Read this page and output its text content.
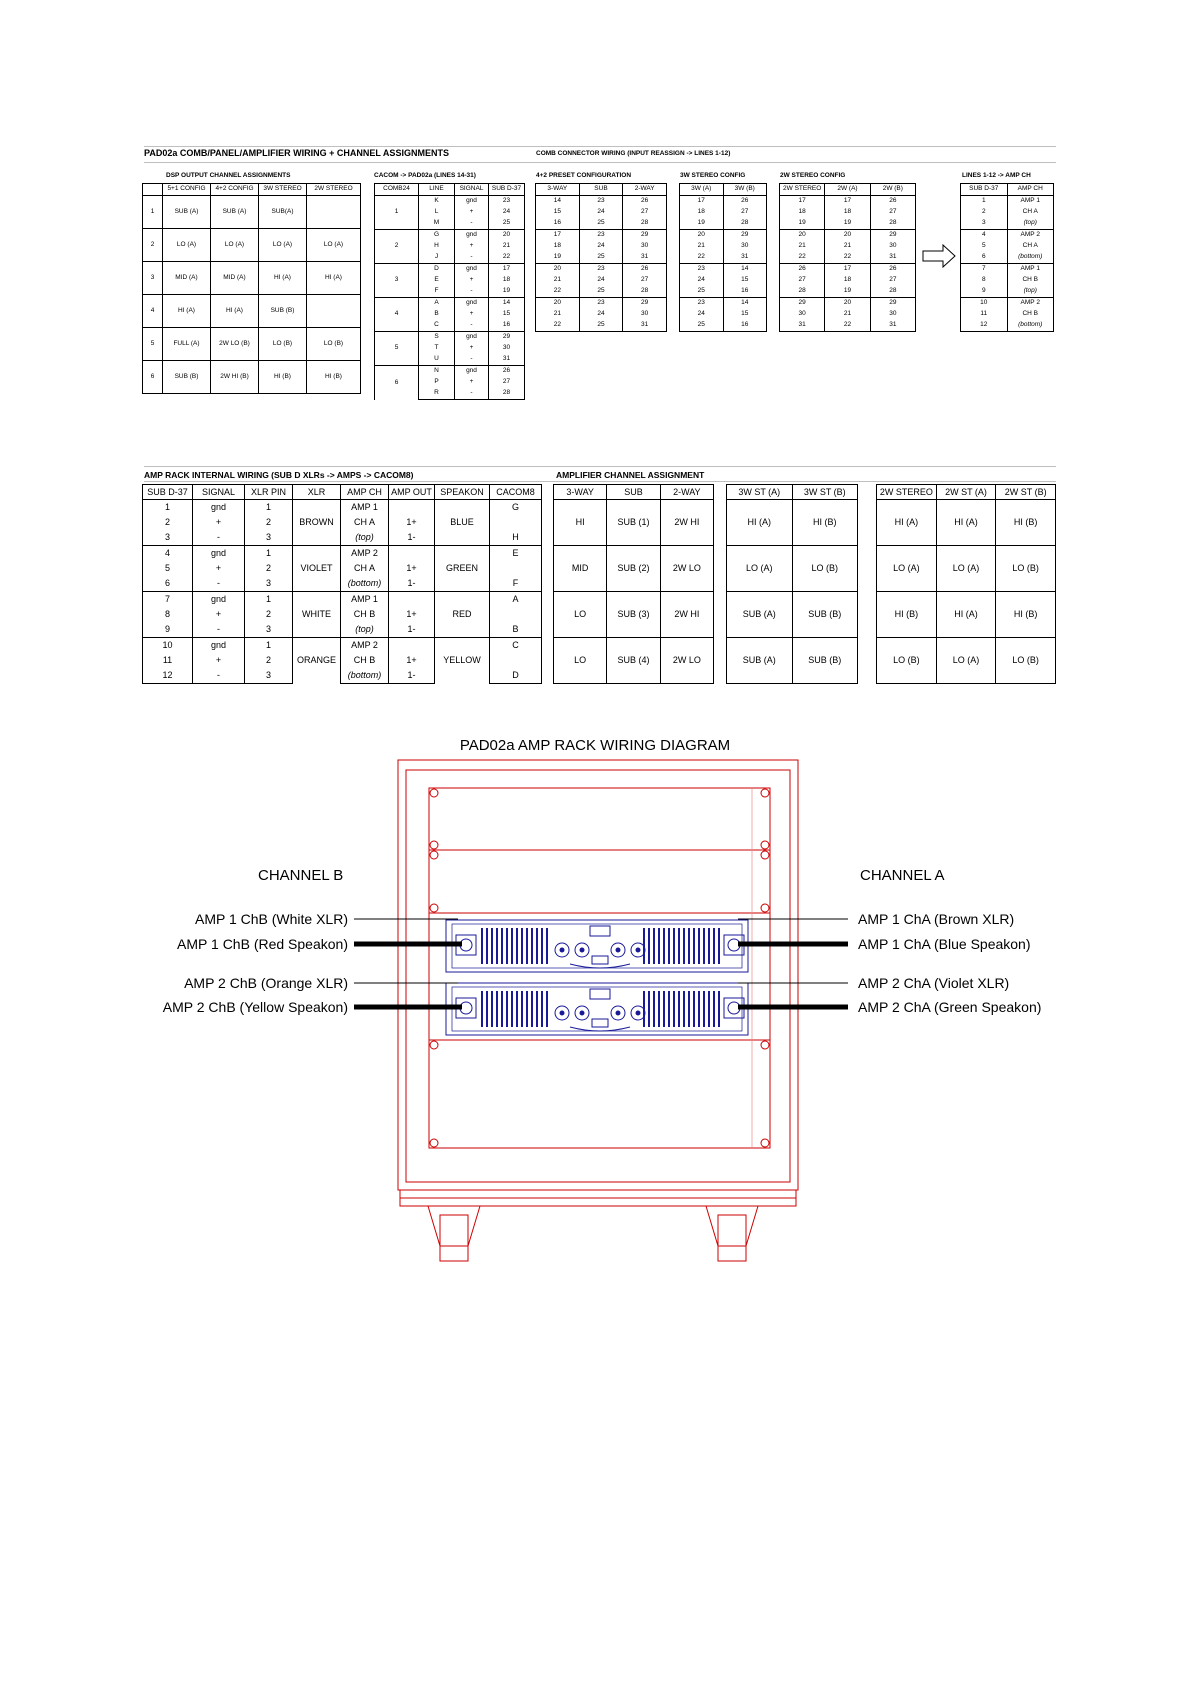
PAD02a COMB/PANEL/AMPLIFIER WIRING + CHANNEL ASSIGNMENTS	COMB CONNECTOR WIRING (INPUT REASSIGN -> LINES 1-12)
DSP OUTPUT CHANNEL ASSIGNMENTS	CACOM -> PAD02a (LINES 14-31)	4+2 PRESET CONFIGURATION	3W STEREO CONFIG	2W STEREO CONFIG	LINES 1-12 -> AMP CH
	5+1 CONFIG	4+2 CONFIG	3W STEREO	2W STEREO
1	SUB (A)	SUB (A)	SUB(A)	
2	LO (A)	LO (A)	LO (A)	LO (A)
3	MID (A)	MID (A)	HI (A)	HI (A)
4	HI (A)	HI (A)	SUB (B)	
5	FULL (A)	2W LO (B)	LO (B)	LO (B)
6	SUB (B)	2W HI (B)	HI (B)	HI (B)
COMB24	LINE	SIGNAL	SUB D-37
1	K	gnd	23
	L	+	24
	M	-	25
2	G	gnd	20
	H	+	21
	J	-	22
3	D	gnd	17
	E	+	18
	F	-	19
4	A	gnd	14
	B	+	15
	C	-	16
5	S	gnd	29
	T	+	30
	U	-	31
6	N	gnd	26
	P	+	27
	R	-	28
3-WAY	SUB	2-WAY
14	23	26
15	24	27
16	25	28
17	23	29
18	24	30
19	25	31
20	23	26
21	24	27
22	25	28
20	23	29
21	24	30
22	25	31
3W (A)	3W (B)
17	26
18	27
19	28
20	29
21	30
22	31
23	14
24	15
25	16
23	14
24	15
25	16
2W STEREO	2W (A)	2W (B)
17	17	26
18	18	27
19	19	28
20	20	29
21	21	30
22	22	31
26	17	26
27	18	27
28	19	28
29	20	29
30	21	30
31	22	31
SUB D-37	AMP CH
1	AMP 1
2	CH A
3	(top)
4	AMP 2
5	CH A
6	(bottom)
7	AMP 1
8	CH B
9	(top)
10	AMP 2
11	CH B
12	(bottom)
AMP RACK INTERNAL WIRING (SUB D XLRs -> AMPS -> CACOM8)	AMPLIFIER CHANNEL ASSIGNMENT
SUB D-37	SIGNAL	XLR PIN	XLR	AMP CH	AMP OUT	SPEAKON	CACOM8
1	gnd	1	BROWN	AMP 1		BLUE	G
2	+	2		CH A	1+		
3	-	3		(top)	1-		H
4	gnd	1	VIOLET	AMP 2		GREEN	E
5	+	2		CH A	1+		
6	-	3		(bottom)	1-		F
7	gnd	1	WHITE	AMP 1		RED	A
8	+	2		CH B	1+		
9	-	3		(top)	1-		B
10	gnd	1	ORANGE	AMP 2		YELLOW	C
11	+	2		CH B	1+		
12	-	3		(bottom)	1-		D
3-WAY	SUB	2-WAY
HI	SUB (1)	2W HI
MID	SUB (2)	2W LO
LO	SUB (3)	2W HI
LO	SUB (4)	2W LO
3W ST (A)	3W ST (B)
HI (A)	HI (B)
LO (A)	LO (B)
SUB (A)	SUB (B)
SUB (A)	SUB (B)
2W STEREO	2W ST (A)	2W ST (B)
HI (A)	HI (A)	HI (B)
LO (A)	LO (A)	LO (B)
HI (B)	HI (A)	HI (B)
LO (B)	LO (A)	LO (B)
PAD02a AMP RACK WIRING DIAGRAM
CHANNEL B	CHANNEL A
AMP 1 ChB (White XLR)
AMP 1 ChB (Red Speakon)
AMP 2 ChB (Orange XLR)
AMP 2 ChB (Yellow Speakon)
AMP 1 ChA (Brown XLR)
AMP 1 ChA (Blue Speakon)
AMP 2 ChA (Violet XLR)
AMP 2 ChA (Green Speakon)
